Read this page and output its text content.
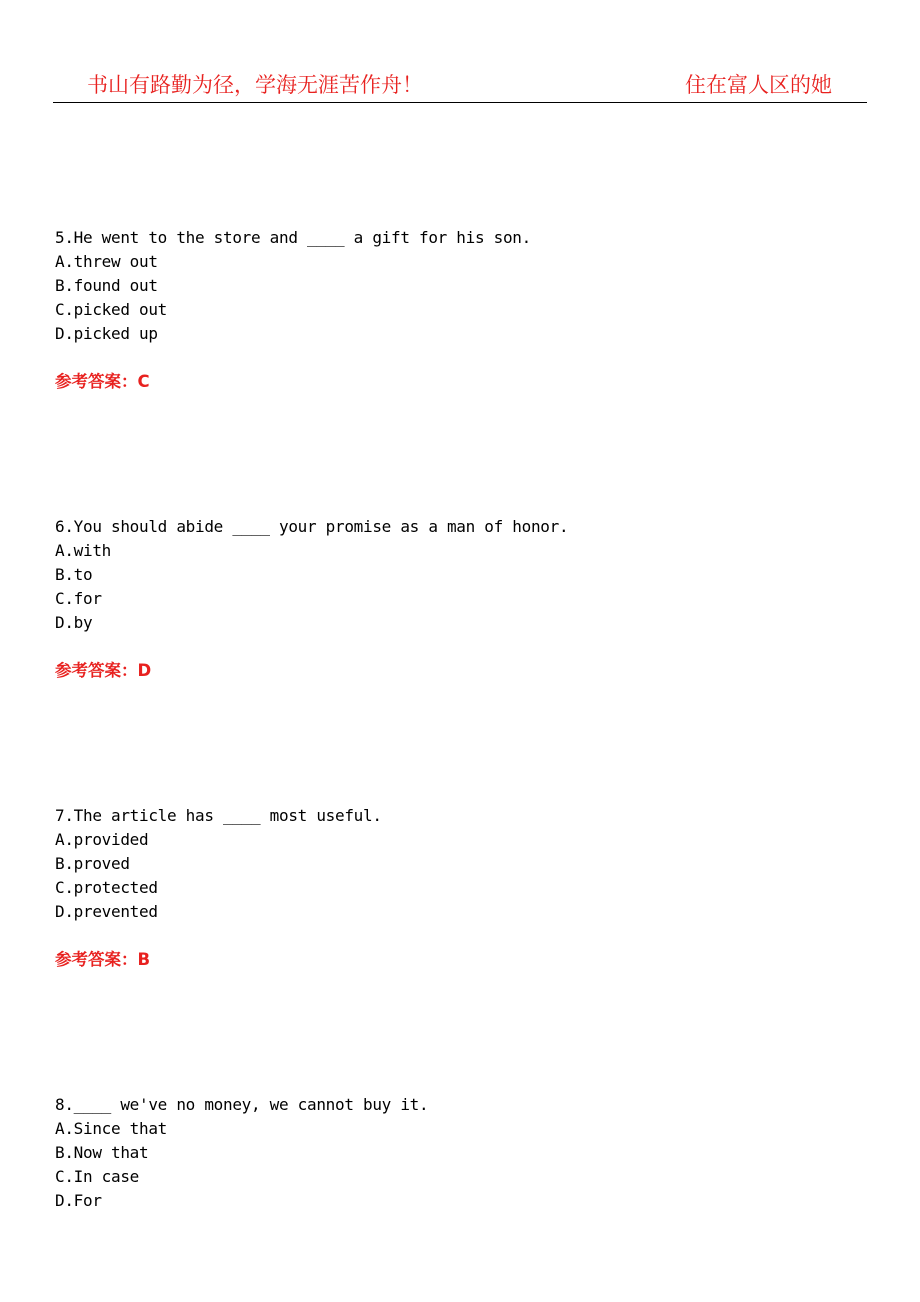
书山有路勤为径，学海无涯苦作舟！	住在富人区的她
5.He went to the store and ____ a gift for his son.
A.threw out
B.found out
C.picked out
D.picked up
参考答案：C
6.You should abide ____ your promise as a man of honor.
A.with
B.to
C.for
D.by
参考答案：D
7.The article has ____ most useful.
A.provided
B.proved
C.protected
D.prevented
参考答案：B
8.____ we've no money, we cannot buy it.
A.Since that
B.Now that
C.In case
D.For
